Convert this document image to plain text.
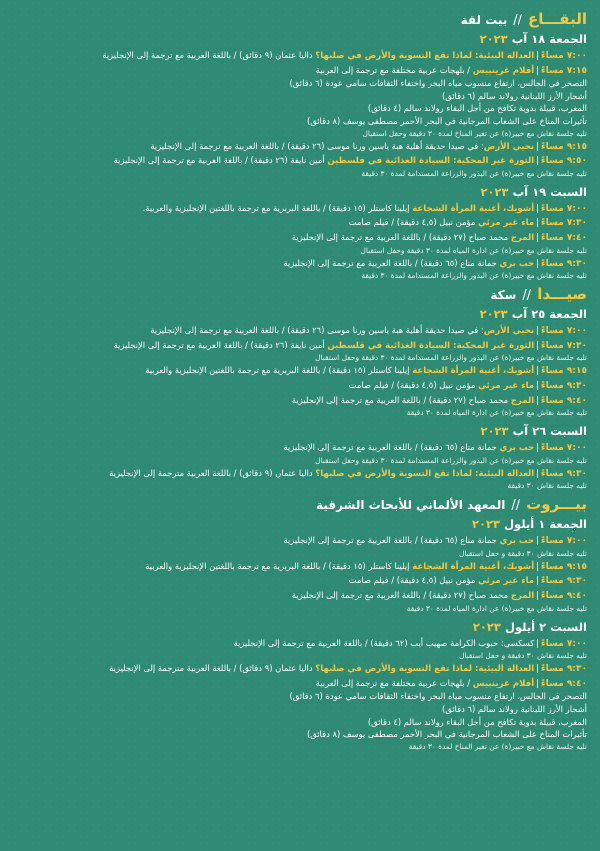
البقـــاع
//
بيت لقة
الجمعة ١٨ آب ٢٠٢٣
٧:٠٠ مساءً|العدالة البيئية: لماذا تقع التسوية والأرض في صلبها؟ داليا عثمان (٩ دقائق) / باللغة العربية مع ترجمة إلى الإنجليزية
٧:١٥ مساءً|أفلام غرينبيس / بلهجات عربية مختلفة مع ترجمة إلى العربية
التصحر في الجالس، ارتفاع منسوب مياه البحر واختفاء الثقافات سامي عودة (٦ دقائق)
أشجار الأرز اللبنانية رولاند سالم (٦ دقائق)
المغرب، قبيلة بدوية تكافح من أجل البقاء رولاند سالم (٤ دقائق)
تأثيرات المناخ على الشعاب المرجانية في البحر الأحمر مصطفى يوسف (٨ دقائق)
تليه جلسة نقاش مع خبير(ة) عن تغير المناخ لمدة ٣٠ دقيقة وحفل استقبال
٩:١٥ مساءً|نحيي الأرض: في صيدا حديقة أهلية هبة ياسين ورنا موسى (٢٦ دقيقة) / باللغة العربية مع ترجمة إلى الإنجليزية
٩:٥٠ مساءً|الثورة غير المحكية: السيادة الغذائية في فلسطين أمين نايفة (٢٦ دقيقة) / باللغة العربية مع ترجمة إلى الإنجليزية
تليه جلسة نقاش مع خبير(ة) عن البذور والزراعة المستدامة لمدة ٣٠ دقيقة
السبت ١٩ آب ٢٠٢٣
٧:٠٠ مساءً|أشويك، أغنية المرأة الشجاعة إيلينا كاستلر (١٥ دقيقة) / باللغة البربرية مع ترجمة باللغتين الإنجليزية والعربية.
٧:٣٠ مساءً|ماء غير مرئي مؤمن نبيل (٤,٥ دقيقة) / فيلم صامت
٧:٤٠ مساءً|المرج محمد صباح (٢٧ دقيقة) / باللغة العربية مع ترجمة إلى الإنجليزية
تليه جلسة نقاش مع خبير(ة) عن ادارة المياه لمدة ٣٠ دقيقة وحفل استقبال
٩:٣٠ مساءً|حب بري جمانة مناع (٦٥ دقيقة) / باللغة العربية مع ترجمة إلى الإنجليزية
تليه جلسة نقاش مع خبير(ة) عن البذور والزراعة المستدامة لمدة ٣٠ دقيقة
صيـــدا
//
سكة
الجمعة ٢٥ آب ٢٠٢٣
٧:٠٠ مساءً|نحيي الأرض: في صيدا حديقة أهلية هبة ياسين ورنا موسى (٢٦ دقيقة) / باللغة العربية مع ترجمة إلى الإنجليزية
٧:٣٠ مساءً|الثورة غير المحكية: السيادة الغذائية في فلسطين أمين نايفة (٢٦ دقيقة) / باللغة العربية مع ترجمة إلى الإنجليزية
تليه جلسة نقاش مع خبير(ة) عن البذور والزراعة المستدامة لمدة ٣٠ دقيقة وحفل استقبال
٩:١٥ مساءً|أشويك، أغنية المرأة الشجاعة إيلينا كاستلر (١٥ دقيقة) / باللغة البربرية مع ترجمة باللغتين الإنجليزية والعربية
٩:٣٠ مساءً|ماء غير مرئي مؤمن نبيل (٤,٥ دقيقة) / فيلم صامت
٩:٤٠ مساءً|المرج محمد صباح (٢٧ دقيقة) / باللغة العربية مع ترجمة إلى الإنجليزية
تليه جلسة نقاش مع خبير(ة) عن ادارة المياه لمدة ٣٠ دقيقة
السبت ٢٦ آب ٢٠٢٣
٧:٠٠ مساءً|حب بري جمانة مناع (٦٥ دقيقة) / باللغة العربية مع ترجمة إلى الإنجليزية
تليه جلسة نقاش مع خبير(ة) عن البذور والزراعة المستدامة لمدة ٣٠ دقيقة وحفل استقبال
٩:٣٠ مساءً|العدالة البيئية: لماذا تقع التسوية والأرض في صلبها؟ داليا عثمان (٩ دقائق) / باللغة العربية مترجمة إلى الإنجليزية
تليه جلسة نقاش ٣٠ دقيقة
بيـــروت
//
المعهد الألماني للأبحاث الشرقية
الجمعة ١ أيلول ٢٠٢٣
٧:٠٠ مساءً|حب بري جمانة مناع (٦٥ دقيقة) / باللغة العربية مع ترجمة إلى الإنجليزية
تليه جلسة نقاش ٣٠ دقيقة و حفل استقبال
٩:١٥ مساءً|أشويك، أغنية المرأة الشجاعة إيلينا كاستلر (١٥ دقيقة) / باللغة البربرية مع ترجمة باللغتين الإنجليزية والعربية
٩:٣٠ مساءً|ماء غير مرئي مؤمن نبيل (٤,٥ دقيقة) / فيلم صامت
٩:٤٠ مساءً|المرج محمد صباح (٢٧ دقيقة) / باللغة العربية مع ترجمة إلى الإنجليزية
تليه جلسة نقاش مع خبير(ة) عن ادارة المياه لمدة ٣٠ دقيقة
السبت ٢ أيلول ٢٠٢٣
٧:٠٠ مساءً|كسكسي: حبوب الكرامة صهيب أيب (٦٢ دقيقة) / باللغة العربية مع ترجمة إلى الإنجليزية
تليه جلسة نقاش ٣٠ دقيقة و حفل استقبال
٩:٣٠ مساءً|العدالة البيئية: لماذا تقع التسوية والأرض في صلبها؟ داليا عثمان (٩ دقائق) / باللغة العربية مترجمة إلى الإنجليزية
٩:٤٠ مساءً|أفلام غرينبيس / بلهجات عربية مختلفة مع ترجمة إلى العربية
التصحر في الجالس، ارتفاع منسوب مياه البحر واختفاء الثقافات سامي عودة (٦ دقائق)
أشجار الأرز اللبنانية رولاند سالم (٦ دقائق)
المغرب، قبيلة بدوية تكافح من أجل البقاء رولاند سالم (٤ دقائق)
تأثيرات المناخ على الشعاب المرجانية في البحر الأحمر مصطفى يوسف (٨ دقائق)
تليه جلسة نقاش مع خبير(ة) عن تغير المناخ لمدة ٣٠ دقيقة
